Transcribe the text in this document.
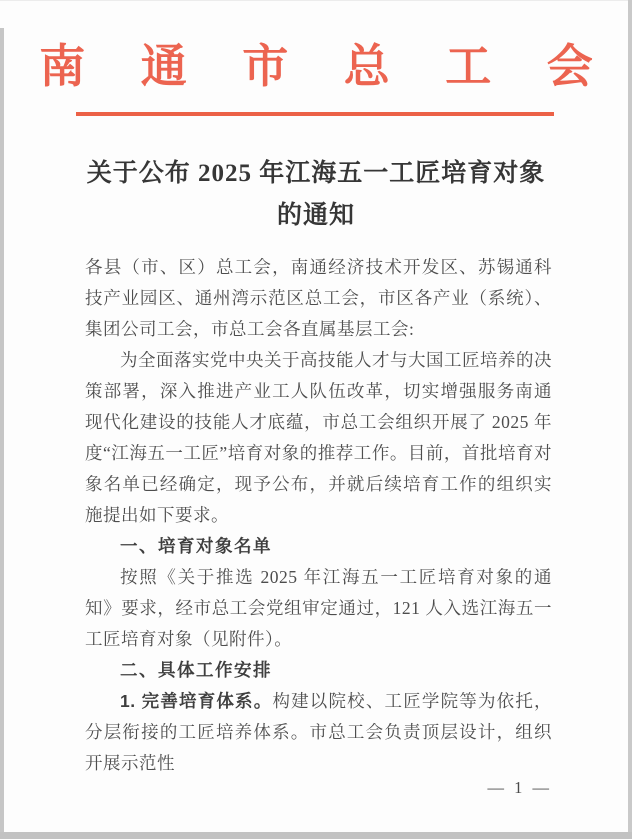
南 通 市 总 工 会
关于公布 2025 年江海五一工匠培育对象
的通知

各县（市、区）总工会，南通经济技术开发区、苏锡通科技产业园区、通州湾示范区总工会，市区各产业（系统）、集团公司工会，市总工会各直属基层工会:

为全面落实党中央关于高技能人才与大国工匠培养的决策部署，深入推进产业工人队伍改革，切实增强服务南通现代化建设的技能人才底蕴，市总工会组织开展了 2025 年度“江海五一工匠”培育对象的推荐工作。目前，首批培育对象名单已经确定，现予公布，并就后续培育工作的组织实施提出如下要求。

一、培育对象名单

按照《关于推选 2025 年江海五一工匠培育对象的通知》要求，经市总工会党组审定通过，121 人入选江海五一工匠培育对象（见附件）。

二、具体工作安排

1. 完善培育体系。构建以院校、工匠学院等为依托，分层衔接的工匠培养体系。市总工会负责顶层设计，组织开展示范性

— 1 —
